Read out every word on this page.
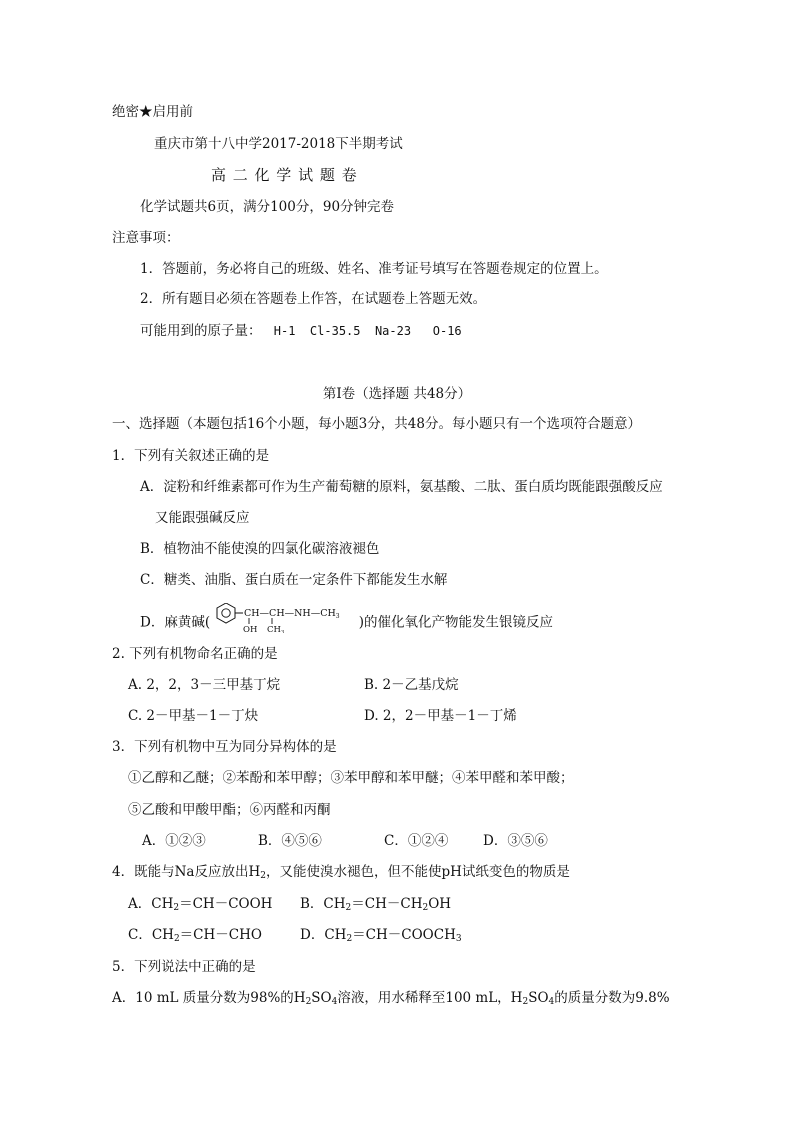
绝密★启用前
重庆市第十八中学2017-2018下半期考试
高 二 化 学 试 题 卷
化学试题共6页，满分100分，90分钟完卷
注意事项：
1．答题前，务必将自己的班级、姓名、准考证号填写在答题卷规定的位置上。
2．所有题目必须在答题卷上作答，在试题卷上答题无效。
可能用到的原子量： H-1  Cl-35.5  Na-23   O-16
第Ⅰ卷（选择题 共48分）
一、选择题（本题包括16个小题，每小题3分，共48分。每小题只有一个选项符合题意）
1．下列有关叙述正确的是
A．淀粉和纤维素都可作为生产葡萄糖的原料，氨基酸、二肽、蛋白质均既能跟强酸反应
又能跟强碱反应
B．植物油不能使溴的四氯化碳溶液褪色
C．糖类、油脂、蛋白质在一定条件下都能发生水解
D．麻黄碱(
$CH—CH—NH—CH_3$
OH $CH_3$
)的催化氧化产物能发生银镜反应
2. 下列有机物命名正确的是
A. 2，2，3－三甲基丁烷	B. 2－乙基戊烷
C. 2－甲基－1－丁炔	D. 2，2－甲基－1－丁烯
3．下列有机物中互为同分异构体的是
①乙醇和乙醚；②苯酚和苯甲醇；③苯甲醇和苯甲醚；④苯甲醛和苯甲酸；
⑤乙酸和甲酸甲酯；⑥丙醛和丙酮
A．①②③	B．④⑤⑥	C．①②④	D．③⑤⑥
4．既能与Na反应放出$H_2$，又能使溴水褪色，但不能使pH试纸变色的物质是
A．$CH_2=CH-COOH$ B．$CH_2=CH-CH_2OH$
C．$CH_2=CH-CHO$	D．$CH_2=CH-COOCH_3$
5．下列说法中正确的是
A．10 mL 质量分数为98%的$H_2SO_4$溶液，用水稀释至100 mL，$H_2SO_4$的质量分数为9.8%
